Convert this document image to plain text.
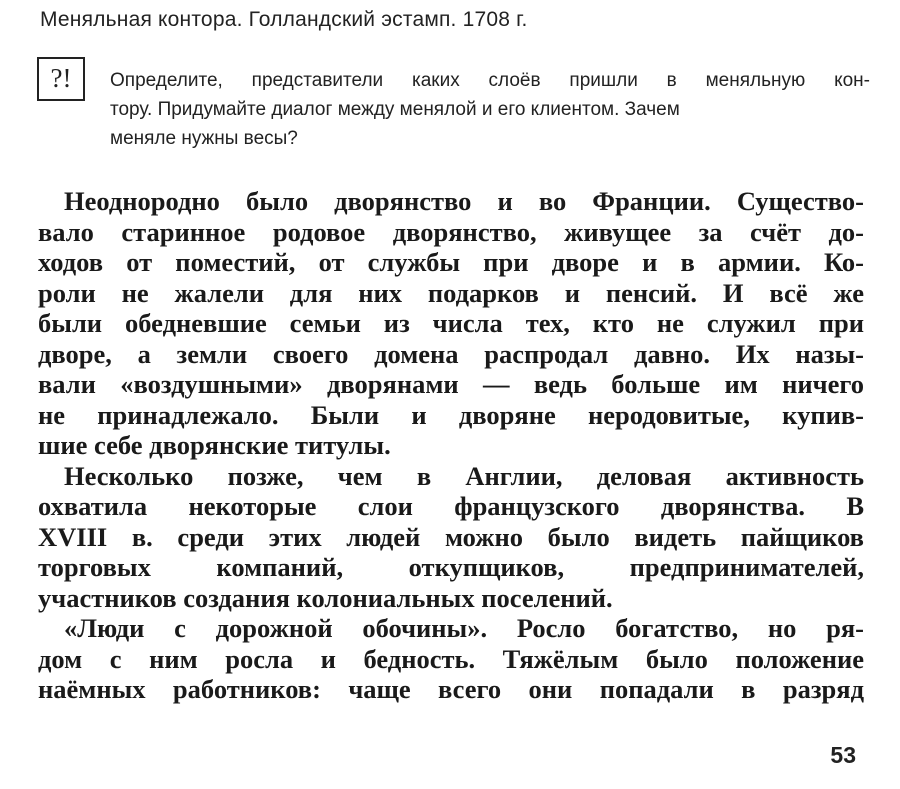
Меняльная контора. Голландский эстамп. 1708 г.
?!	Определите, представители каких слоёв пришли в меняльную кон-
тору. Придумайте диалог между менялой и его клиентом. Зачем
меняле нужны весы?
Неоднородно было дворянство и во Франции. Существо-
вало старинное родовое дворянство, живущее за счёт до-
ходов от поместий, от службы при дворе и в армии. Ко-
роли не жалели для них подарков и пенсий. И всё же
были обедневшие семьи из числа тех, кто не служил при
дворе, а земли своего домена распродал давно. Их назы-
вали «воздушными» дворянами — ведь больше им ничего
не принадлежало. Были и дворяне неродовитые, купив-
шие себе дворянские титулы.
Несколько позже, чем в Англии, деловая активность
охватила некоторые слои французского дворянства. В
XVIII в. среди этих людей можно было видеть пайщиков
торговых компаний, откупщиков, предпринимателей,
участников создания колониальных поселений.
«Люди с дорожной обочины». Росло богатство, но ря-
дом с ним росла и бедность. Тяжёлым было положение
наёмных работников: чаще всего они попадали в разряд
53
